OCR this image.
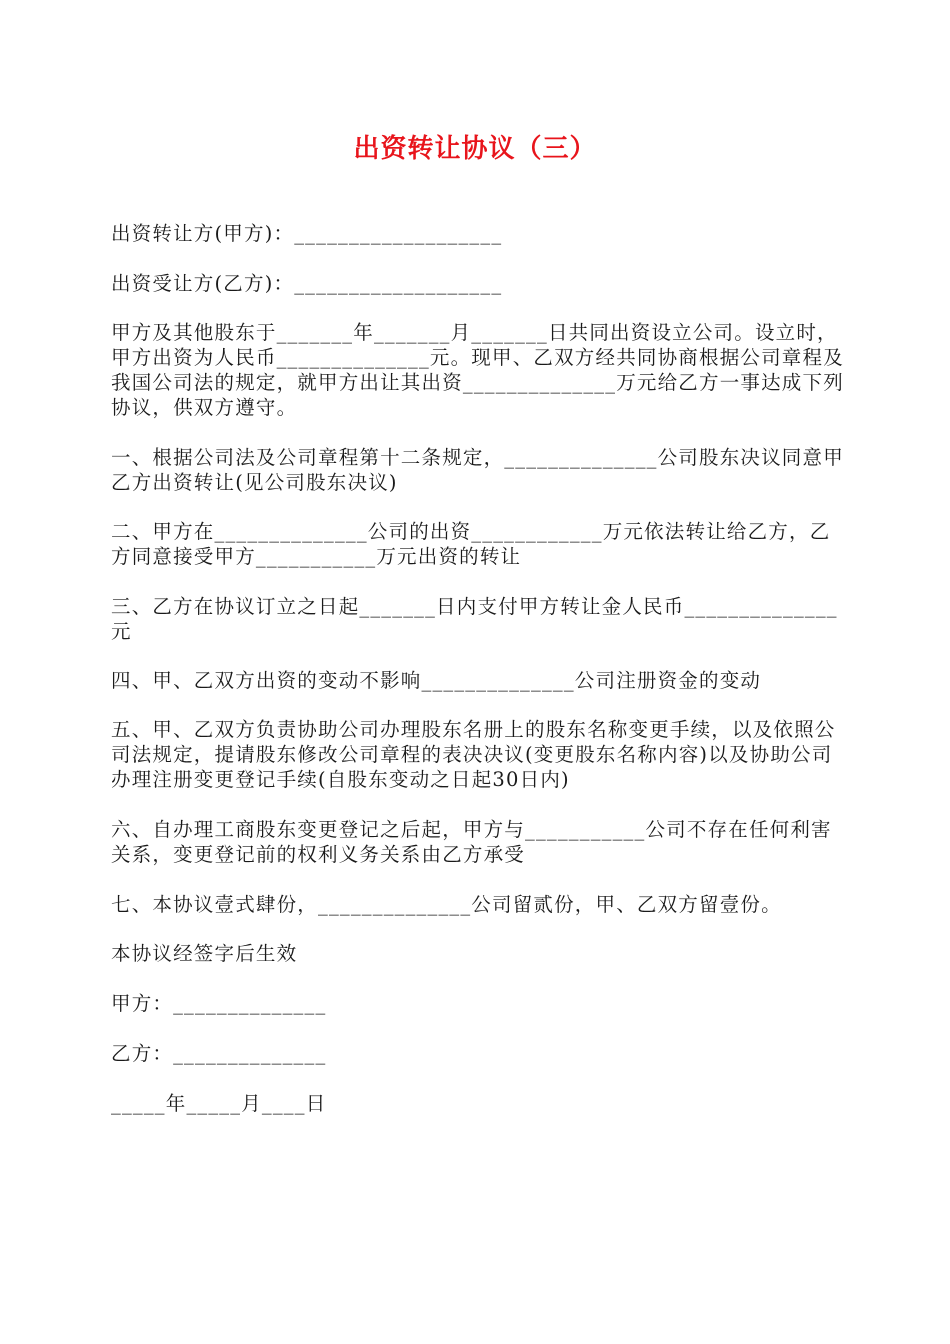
出资转让协议（三）

出资转让方(甲方)：___________________

出资受让方(乙方)：___________________

甲方及其他股东于_______年_______月_______日共同出资设立公司。设立时，甲方出资为人民币______________元。现甲、乙双方经共同协商根据公司章程及我国公司法的规定，就甲方出让其出资______________万元给乙方一事达成下列协议，供双方遵守。

一、根据公司法及公司章程第十二条规定，______________公司股东决议同意甲乙方出资转让(见公司股东决议)

二、甲方在______________公司的出资____________万元依法转让给乙方，乙方同意接受甲方___________万元出资的转让

三、乙方在协议订立之日起_______日内支付甲方转让金人民币______________元

四、甲、乙双方出资的变动不影响______________公司注册资金的变动

五、甲、乙双方负责协助公司办理股东名册上的股东名称变更手续，以及依照公司法规定，提请股东修改公司章程的表决决议(变更股东名称内容)以及协助公司办理注册变更登记手续(自股东变动之日起30日内)

六、自办理工商股东变更登记之后起，甲方与___________公司不存在任何利害关系，变更登记前的权利义务关系由乙方承受

七、本协议壹式肆份，______________公司留贰份，甲、乙双方留壹份。

本协议经签字后生效

甲方：______________

乙方：______________

_____年_____月____日
